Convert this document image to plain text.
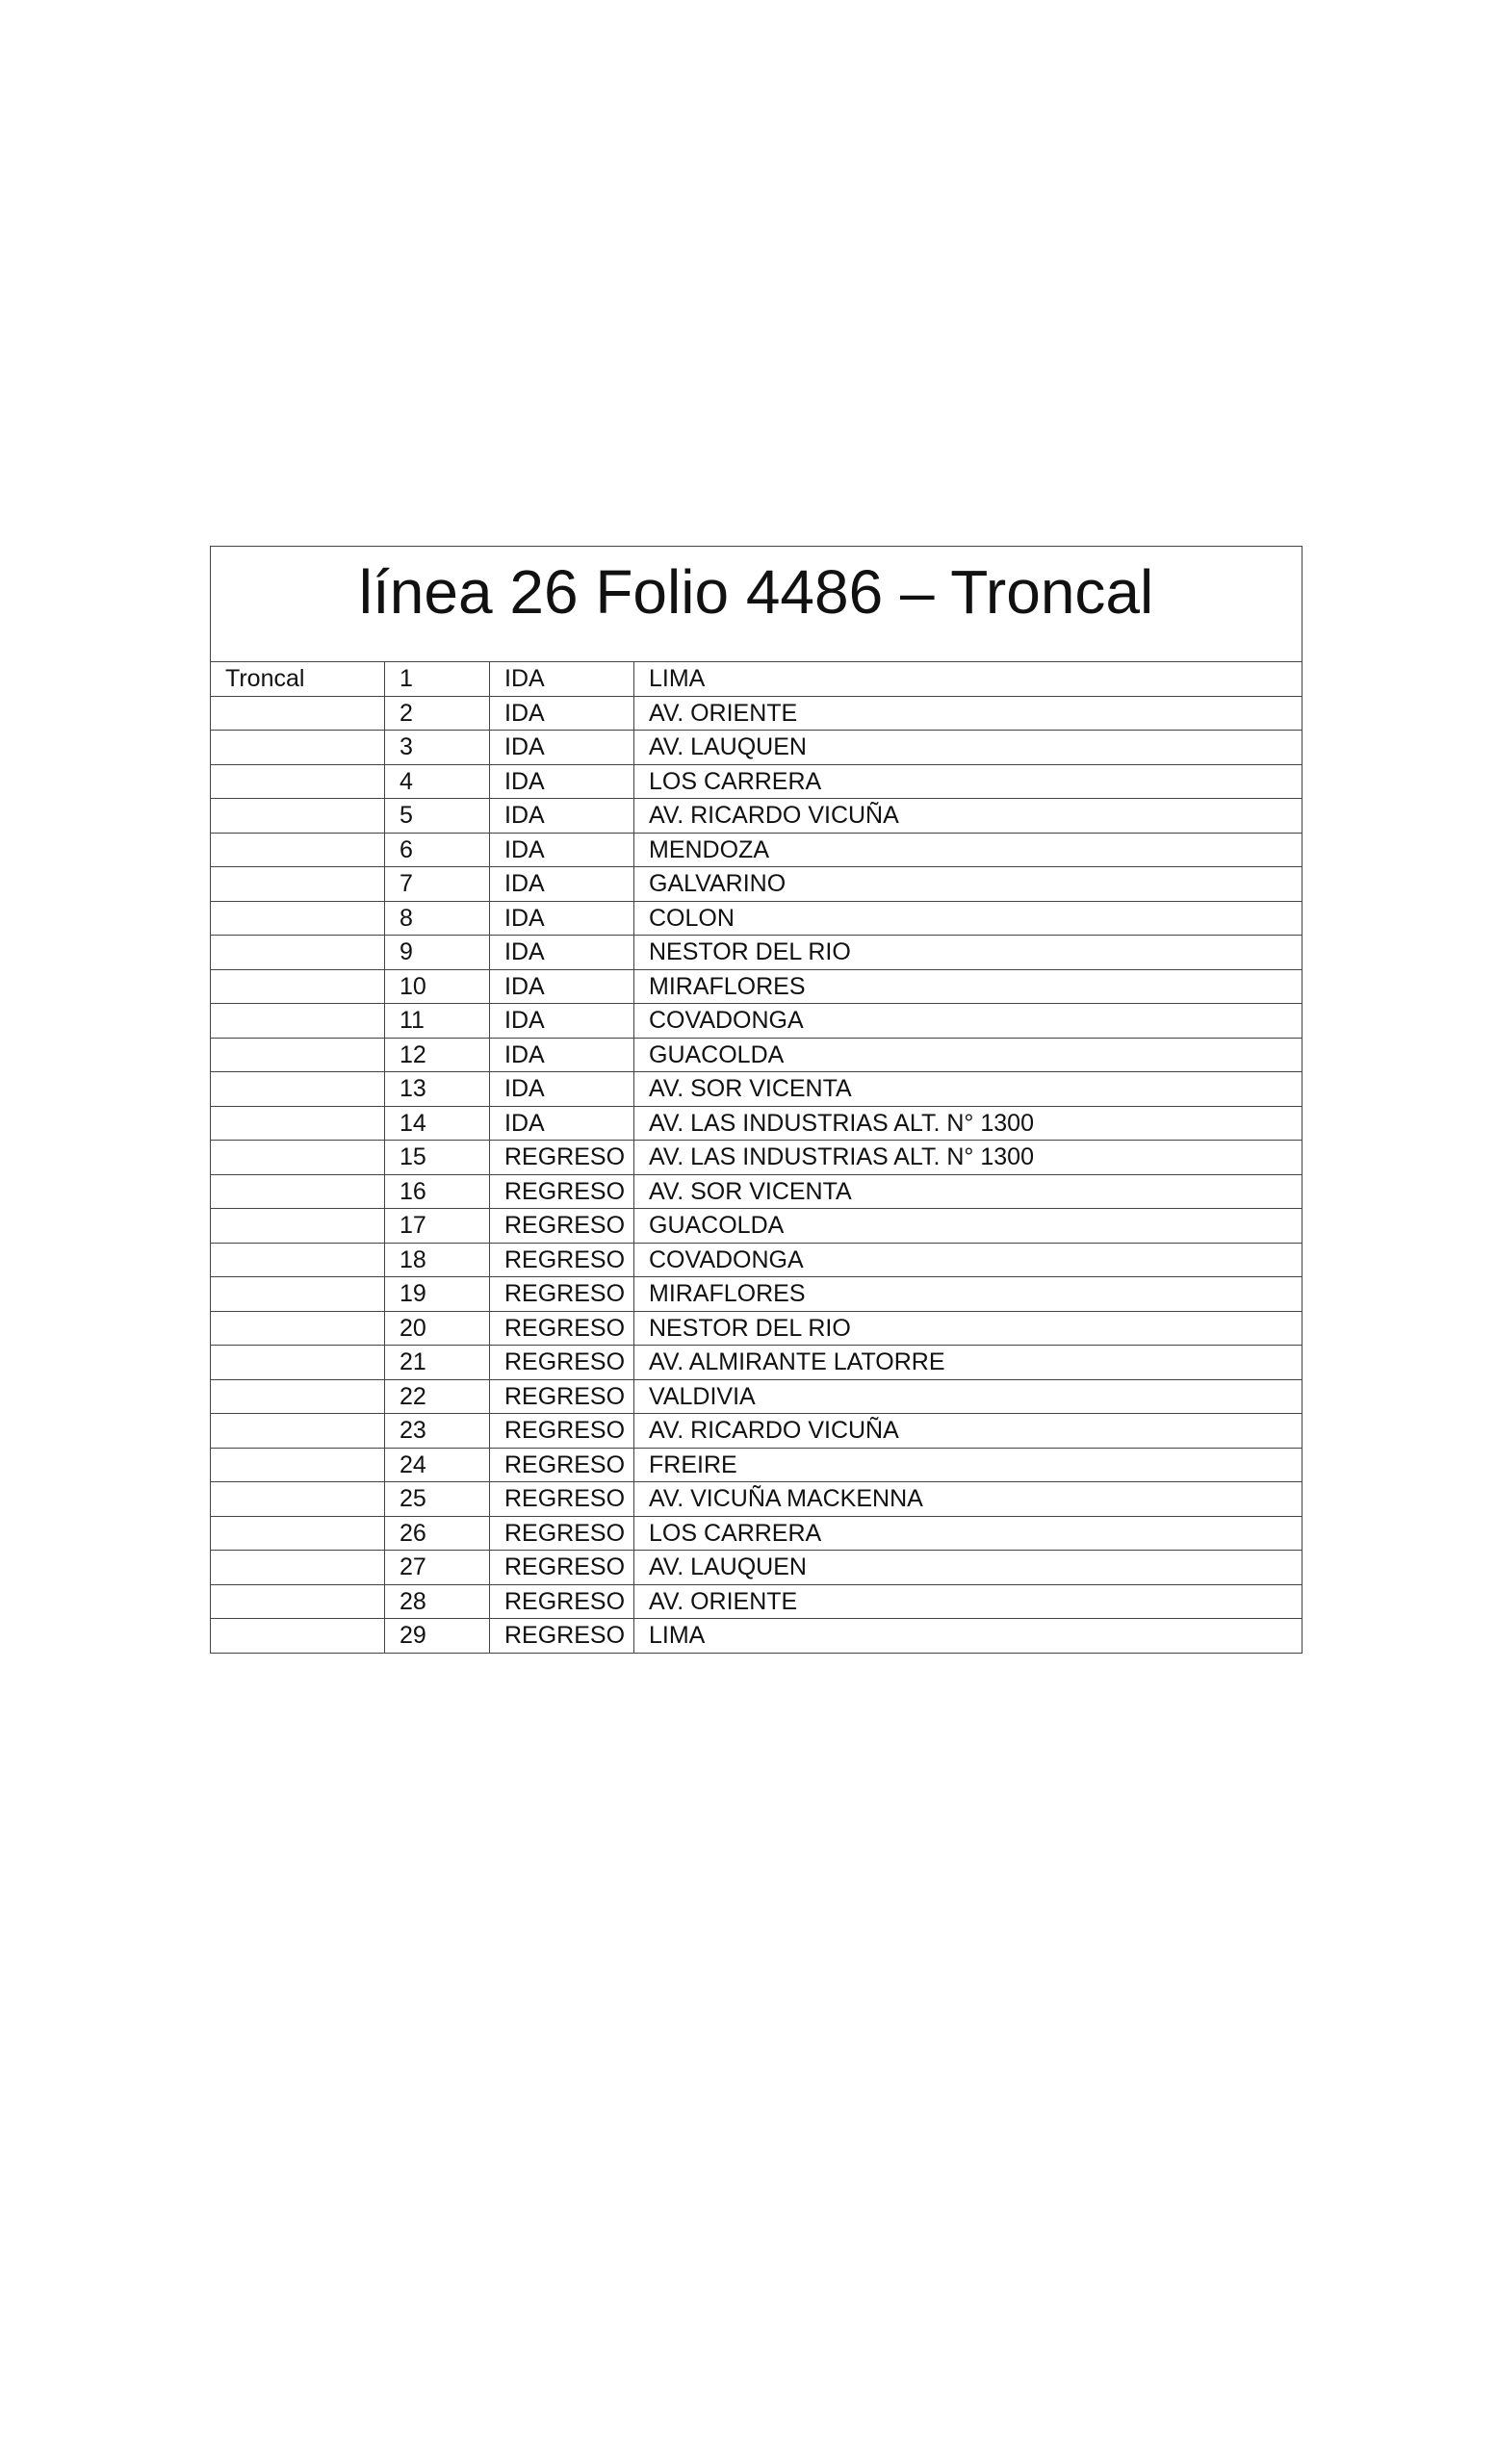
línea 26 Folio 4486 – Troncal			
Troncal	1	IDA	LIMA
	2	IDA	AV. ORIENTE
	3	IDA	AV. LAUQUEN
	4	IDA	LOS CARRERA
	5	IDA	AV. RICARDO VICUÑA
	6	IDA	MENDOZA
	7	IDA	GALVARINO
	8	IDA	COLON
	9	IDA	NESTOR DEL RIO
	10	IDA	MIRAFLORES
	11	IDA	COVADONGA
	12	IDA	GUACOLDA
	13	IDA	AV. SOR VICENTA
	14	IDA	AV. LAS INDUSTRIAS ALT. N° 1300
	15	REGRESO	AV. LAS INDUSTRIAS ALT. N° 1300
	16	REGRESO	AV. SOR VICENTA
	17	REGRESO	GUACOLDA
	18	REGRESO	COVADONGA
	19	REGRESO	MIRAFLORES
	20	REGRESO	NESTOR DEL RIO
	21	REGRESO	AV. ALMIRANTE LATORRE
	22	REGRESO	VALDIVIA
	23	REGRESO	AV. RICARDO VICUÑA
	24	REGRESO	FREIRE
	25	REGRESO	AV. VICUÑA MACKENNA
	26	REGRESO	LOS CARRERA
	27	REGRESO	AV. LAUQUEN
	28	REGRESO	AV. ORIENTE
	29	REGRESO	LIMA
